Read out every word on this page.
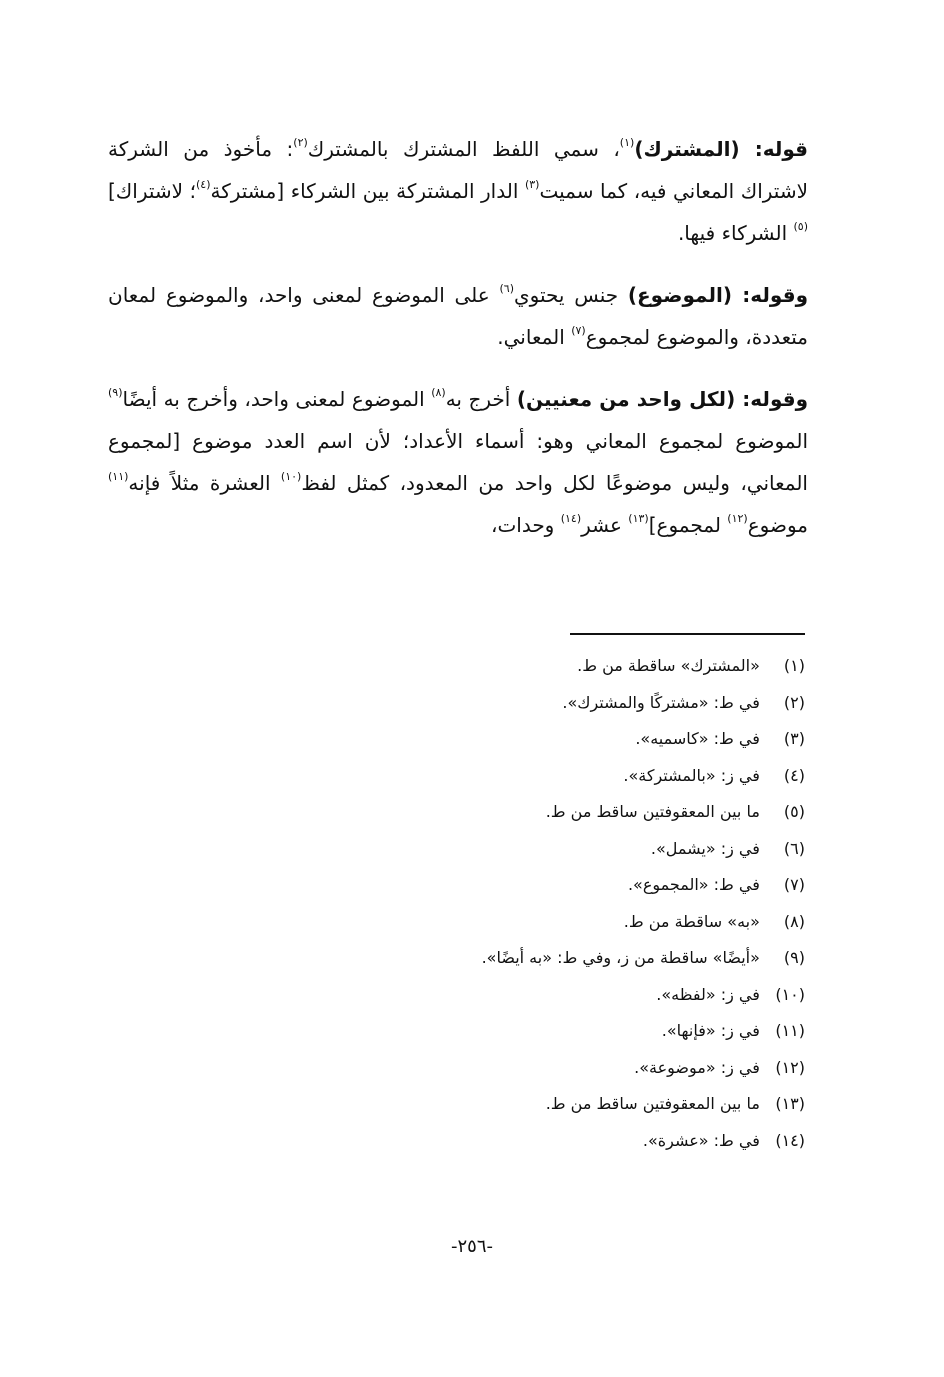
قوله: (المشترك)$^{(١)}$، سمي اللفظ المشترك بالمشترك$^{(٢)}$: مأخوذ من الشركة لاشتراك المعاني فيه، كما سميت$^{(٣)}$ الدار المشتركة بين الشركاء [مشتركة$^{(٤)}$؛ لاشتراك]$^{(٥)}$ الشركاء فيها.

وقوله: (الموضوع) جنس يحتوي$^{(٦)}$ على الموضوع لمعنى واحد، والموضوع لمعان متعددة، والموضوع لمجموع$^{(٧)}$ المعاني.

وقوله: (لكل واحد من معنيين) أخرج به$^{(٨)}$ الموضوع لمعنى واحد، وأخرج به أيضًا$^{(٩)}$ الموضوع لمجموع المعاني وهو: أسماء الأعداد؛ لأن اسم العدد موضوع [لمجموع المعاني، وليس موضوعًا لكل واحد من المعدود، كمثل لفظ$^{(١٠)}$ العشرة مثلاً فإنه$^{(١١)}$ موضوع$^{(١٢)}$ لمجموع]$^{(١٣)}$ عشر$^{(١٤)}$ وحدات،

(١) «المشترك» ساقطة من ط.
(٢) في ط: «مشتركًا والمشترك».
(٣) في ط: «كاسميه».
(٤) في ز: «بالمشتركة».
(٥) ما بين المعقوفتين ساقط من ط.
(٦) في ز: «يشمل».
(٧) في ط: «المجموع».
(٨) «به» ساقطة من ط.
(٩) «أيضًا» ساقطة من ز، وفي ط: «به أيضًا».
(١٠) في ز: «لفظه».
(١١) في ز: «فإنها».
(١٢) في ز: «موضوعة».
(١٣) ما بين المعقوفتين ساقط من ط.
(١٤) في ط: «عشرة».
-٢٥٦-
